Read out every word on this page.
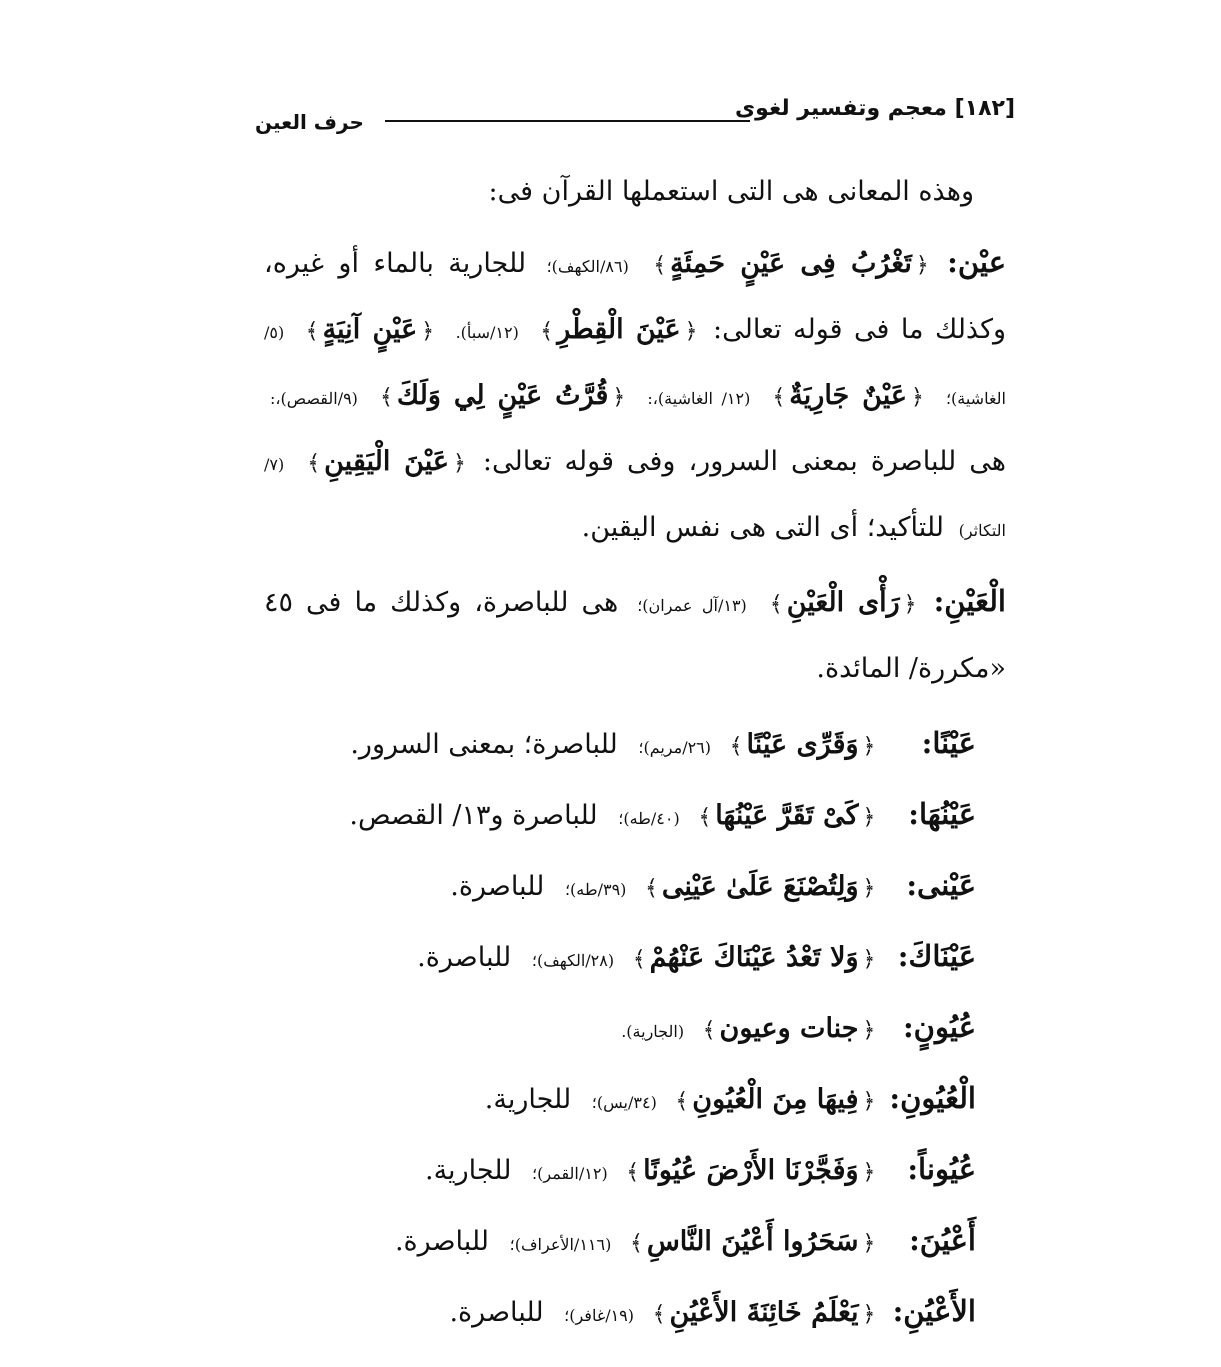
[١٨٢] معجم وتفسير لغوى
حرف العين

وهذه المعانى هى التى استعملها القرآن فى:

عيْن: ﴿تَغْرُبُ فِى عَيْنٍ حَمِئَةٍ﴾ (٨٦/الكهف)؛ للجارية بالماء أو غيره، وكذلك ما فى قوله تعالى: ﴿عَيْنَ الْقِطْرِ﴾ (١٢/سبأ). ﴿عَيْنٍ آنِيَةٍ﴾ (٥/الغاشية)؛ ﴿عَيْنٌ جَارِيَةٌ﴾ (١٢/ الغاشية)،: ﴿قُرَّتُ عَيْنٍ لِي وَلَكَ﴾ (٩/القصص)،: هى للباصرة بمعنى السرور، وفى قوله تعالى: ﴿عَيْنَ الْيَقِينِ﴾ (٧/التكاثر) للتأكيد؛ أى التى هى نفس اليقين.

الْعَيْنِ: ﴿رَأْى الْعَيْنِ﴾ (١٣/آل عمران)؛ هى للباصرة، وكذلك ما فى ٤٥ «مكررة/ المائدة.

عَيْنًا: ﴿وَقَرِّى عَيْنًا﴾ (٢٦/مريم)؛ للباصرة؛ بمعنى السرور.
عَيْنُهَا: ﴿كَىْ تَقَرَّ عَيْنُهَا﴾ (٤٠/طه)؛ للباصرة و١٣/ القصص.
عَيْنى: ﴿وَلِتُصْنَعَ عَلَىٰ عَيْنِى﴾ (٣٩/طه)؛ للباصرة.
عَيْنَاكَ: ﴿وَلا تَعْدُ عَيْنَاكَ عَنْهُمْ﴾ (٢٨/الكهف)؛ للباصرة.
عُيُونٍ: ﴿جنات وعيون﴾ (الجارية).
الْعُيُونِ: ﴿فِيهَا مِنَ الْعُيُونِ﴾ (٣٤/يس)؛ للجارية.
عُيُوناً: ﴿وَفَجَّرْنَا الأَرْضَ عُيُونًا﴾ (١٢/القمر)؛ للجارية.
أَعْيُنَ: ﴿سَحَرُوا أَعْيُنَ النَّاسِ﴾ (١١٦/الأعراف)؛ للباصرة.
الأَعْيُنِ: ﴿يَعْلَمُ خَائِنَةَ الأَعْيُنِ﴾ (١٩/غافر)؛ للباصرة.
